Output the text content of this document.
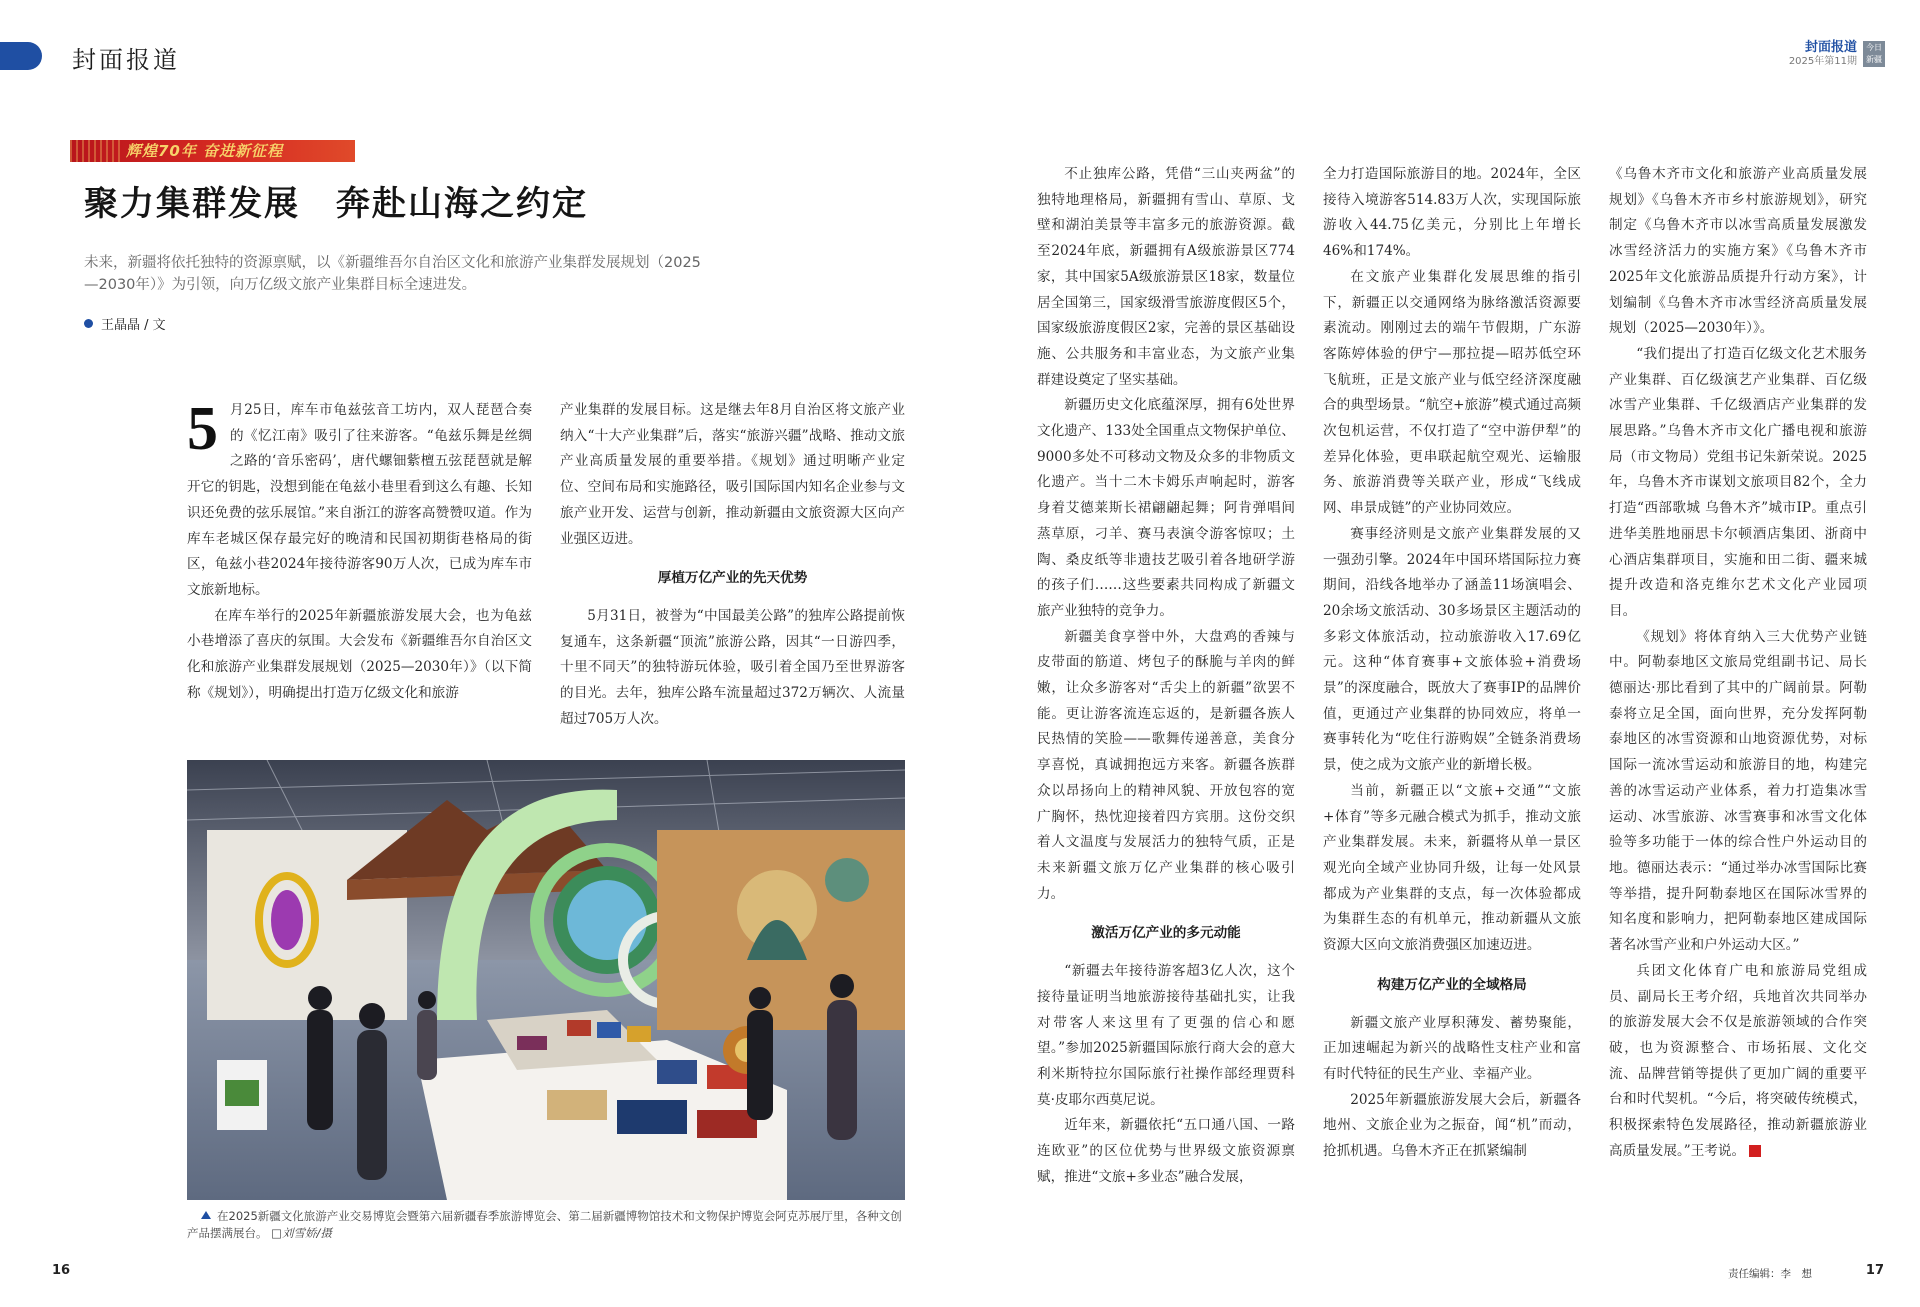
封面报道	封面报道
2025年第11期
今日新疆
辉煌70年 奋进新征程
聚力集群发展　奔赴山海之约定

未来，新疆将依托独特的资源禀赋，以《新疆维吾尔自治区文化和旅游产业集群发展规划（2025—2030年）》为引领，向万亿级文旅产业集群目标全速进发。

王晶晶 / 文

5 月25日，库车市龟兹弦音工坊内，双人琵琶合奏的《忆江南》吸引了往来游客。“龟兹乐舞是丝绸之路的‘音乐密码’，唐代螺钿紫檀五弦琵琶就是解开它的钥匙，没想到能在龟兹小巷里看到这么有趣、长知识还免费的弦乐展馆。”来自浙江的游客高赞赞叹道。作为库车老城区保存最完好的晚清和民国初期街巷格局的街区，龟兹小巷2024年接待游客90万人次，已成为库车市文旅新地标。

在库车举行的2025年新疆旅游发展大会，也为龟兹小巷增添了喜庆的氛围。大会发布《新疆维吾尔自治区文化和旅游产业集群发展规划（2025—2030年）》（以下简称《规划》），明确提出打造万亿级文化和旅游

产业集群的发展目标。这是继去年8月自治区将文旅产业纳入“十大产业集群”后，落实“旅游兴疆”战略、推动文旅产业高质量发展的重要举措。《规划》通过明晰产业定位、空间布局和实施路径，吸引国际国内知名企业参与文旅产业开发、运营与创新，推动新疆由文旅资源大区向产业强区迈进。

厚植万亿产业的先天优势

5月31日，被誉为“中国最美公路”的独库公路提前恢复通车，这条新疆“顶流”旅游公路，因其“一日游四季，十里不同天”的独特游玩体验，吸引着全国乃至世界游客的目光。去年，独库公路车流量超过372万辆次、人流量超过705万人次。

在2025新疆文化旅游产业交易博览会暨第六届新疆春季旅游博览会、第二届新疆博物馆技术和文物保护博览会阿克苏展厅里，各种文创产品摆满展台。 □刘雪娇/摄

不止独库公路，凭借“三山夹两盆”的独特地理格局，新疆拥有雪山、草原、戈壁和湖泊美景等丰富多元的旅游资源。截至2024年底，新疆拥有A级旅游景区774家，其中国家5A级旅游景区18家，数量位居全国第三，国家级滑雪旅游度假区5个，国家级旅游度假区2家，完善的景区基础设施、公共服务和丰富业态，为文旅产业集群建设奠定了坚实基础。

新疆历史文化底蕴深厚，拥有6处世界文化遗产、133处全国重点文物保护单位、9000多处不可移动文物及众多的非物质文化遗产。当十二木卡姆乐声响起时，游客身着艾德莱斯长裙翩翩起舞；阿肯弹唱间蒸草原，刁羊、赛马表演令游客惊叹；土陶、桑皮纸等非遗技艺吸引着各地研学游的孩子们……这些要素共同构成了新疆文旅产业独特的竞争力。

新疆美食享誉中外，大盘鸡的香辣与皮带面的筋道、烤包子的酥脆与羊肉的鲜嫩，让众多游客对“舌尖上的新疆”欲罢不能。更让游客流连忘返的，是新疆各族人民热情的笑脸——歌舞传递善意，美食分享喜悦，真诚拥抱远方来客。新疆各族群众以昂扬向上的精神风貌、开放包容的宽广胸怀，热忱迎接着四方宾朋。这份交织着人文温度与发展活力的独特气质，正是未来新疆文旅万亿产业集群的核心吸引力。

激活万亿产业的多元动能

“新疆去年接待游客超3亿人次，这个接待量证明当地旅游接待基础扎实，让我对带客人来这里有了更强的信心和愿望。”参加2025新疆国际旅行商大会的意大利米斯特拉尔国际旅行社操作部经理贾科莫·皮耶尔西莫尼说。

近年来，新疆依托“五口通八国、一路连欧亚”的区位优势与世界级文旅资源禀赋，推进“文旅+多业态”融合发展，

全力打造国际旅游目的地。2024年，全区接待入境游客514.83万人次，实现国际旅游收入44.75亿美元，分别比上年增长46%和174%。

在文旅产业集群化发展思维的指引下，新疆正以交通网络为脉络激活资源要素流动。刚刚过去的端午节假期，广东游客陈婷体验的伊宁—那拉提—昭苏低空环飞航班，正是文旅产业与低空经济深度融合的典型场景。“航空+旅游”模式通过高频次包机运营，不仅打造了“空中游伊犁”的差异化体验，更串联起航空观光、运输服务、旅游消费等关联产业，形成“飞线成网、串景成链”的产业协同效应。

赛事经济则是文旅产业集群发展的又一强劲引擎。2024年中国环塔国际拉力赛期间，沿线各地举办了涵盖11场演唱会、20余场文旅活动、30多场景区主题活动的多彩文体旅活动，拉动旅游收入17.69亿元。这种“体育赛事+文旅体验+消费场景”的深度融合，既放大了赛事IP的品牌价值，更通过产业集群的协同效应，将单一赛事转化为“吃住行游购娱”全链条消费场景，使之成为文旅产业的新增长极。

当前，新疆正以“文旅+交通”“文旅+体育”等多元融合模式为抓手，推动文旅产业集群发展。未来，新疆将从单一景区观光向全域产业协同升级，让每一处风景都成为产业集群的支点，每一次体验都成为集群生态的有机单元，推动新疆从文旅资源大区向文旅消费强区加速迈进。

构建万亿产业的全域格局

新疆文旅产业厚积薄发、蓄势聚能，正加速崛起为新兴的战略性支柱产业和富有时代特征的民生产业、幸福产业。

2025年新疆旅游发展大会后，新疆各地州、文旅企业为之振奋，闻“机”而动，抢抓机遇。乌鲁木齐正在抓紧编制

《乌鲁木齐市文化和旅游产业高质量发展规划》《乌鲁木齐市乡村旅游规划》，研究制定《乌鲁木齐市以冰雪高质量发展激发冰雪经济活力的实施方案》《乌鲁木齐市2025年文化旅游品质提升行动方案》，计划编制《乌鲁木齐市冰雪经济高质量发展规划（2025—2030年）》。

“我们提出了打造百亿级文化艺术服务产业集群、百亿级演艺产业集群、百亿级冰雪产业集群、千亿级酒店产业集群的发展思路。”乌鲁木齐市文化广播电视和旅游局（市文物局）党组书记朱新荣说。2025年，乌鲁木齐市谋划文旅项目82个，全力打造“西部歌城 乌鲁木齐”城市IP。重点引进华美胜地丽思卡尔顿酒店集团、浙商中心酒店集群项目，实施和田二街、疆来城提升改造和洛克维尔艺术文化产业园项目。

《规划》将体育纳入三大优势产业链中。阿勒泰地区文旅局党组副书记、局长德丽达·那比看到了其中的广阔前景。阿勒泰将立足全国，面向世界，充分发挥阿勒泰地区的冰雪资源和山地资源优势，对标国际一流冰雪运动和旅游目的地，构建完善的冰雪运动产业体系，着力打造集冰雪运动、冰雪旅游、冰雪赛事和冰雪文化体验等多功能于一体的综合性户外运动目的地。德丽达表示：“通过举办冰雪国际比赛等举措，提升阿勒泰地区在国际冰雪界的知名度和影响力，把阿勒泰地区建成国际著名冰雪产业和户外运动大区。”

兵团文化体育广电和旅游局党组成员、副局长王考介绍，兵地首次共同举办的旅游发展大会不仅是旅游领域的合作突破，也为资源整合、市场拓展、文化交流、品牌营销等提供了更加广阔的重要平台和时代契机。“今后，将突破传统模式，积极探索特色发展路径，推动新疆旅游业高质量发展。”王考说。

16	责任编辑：李　想	17
